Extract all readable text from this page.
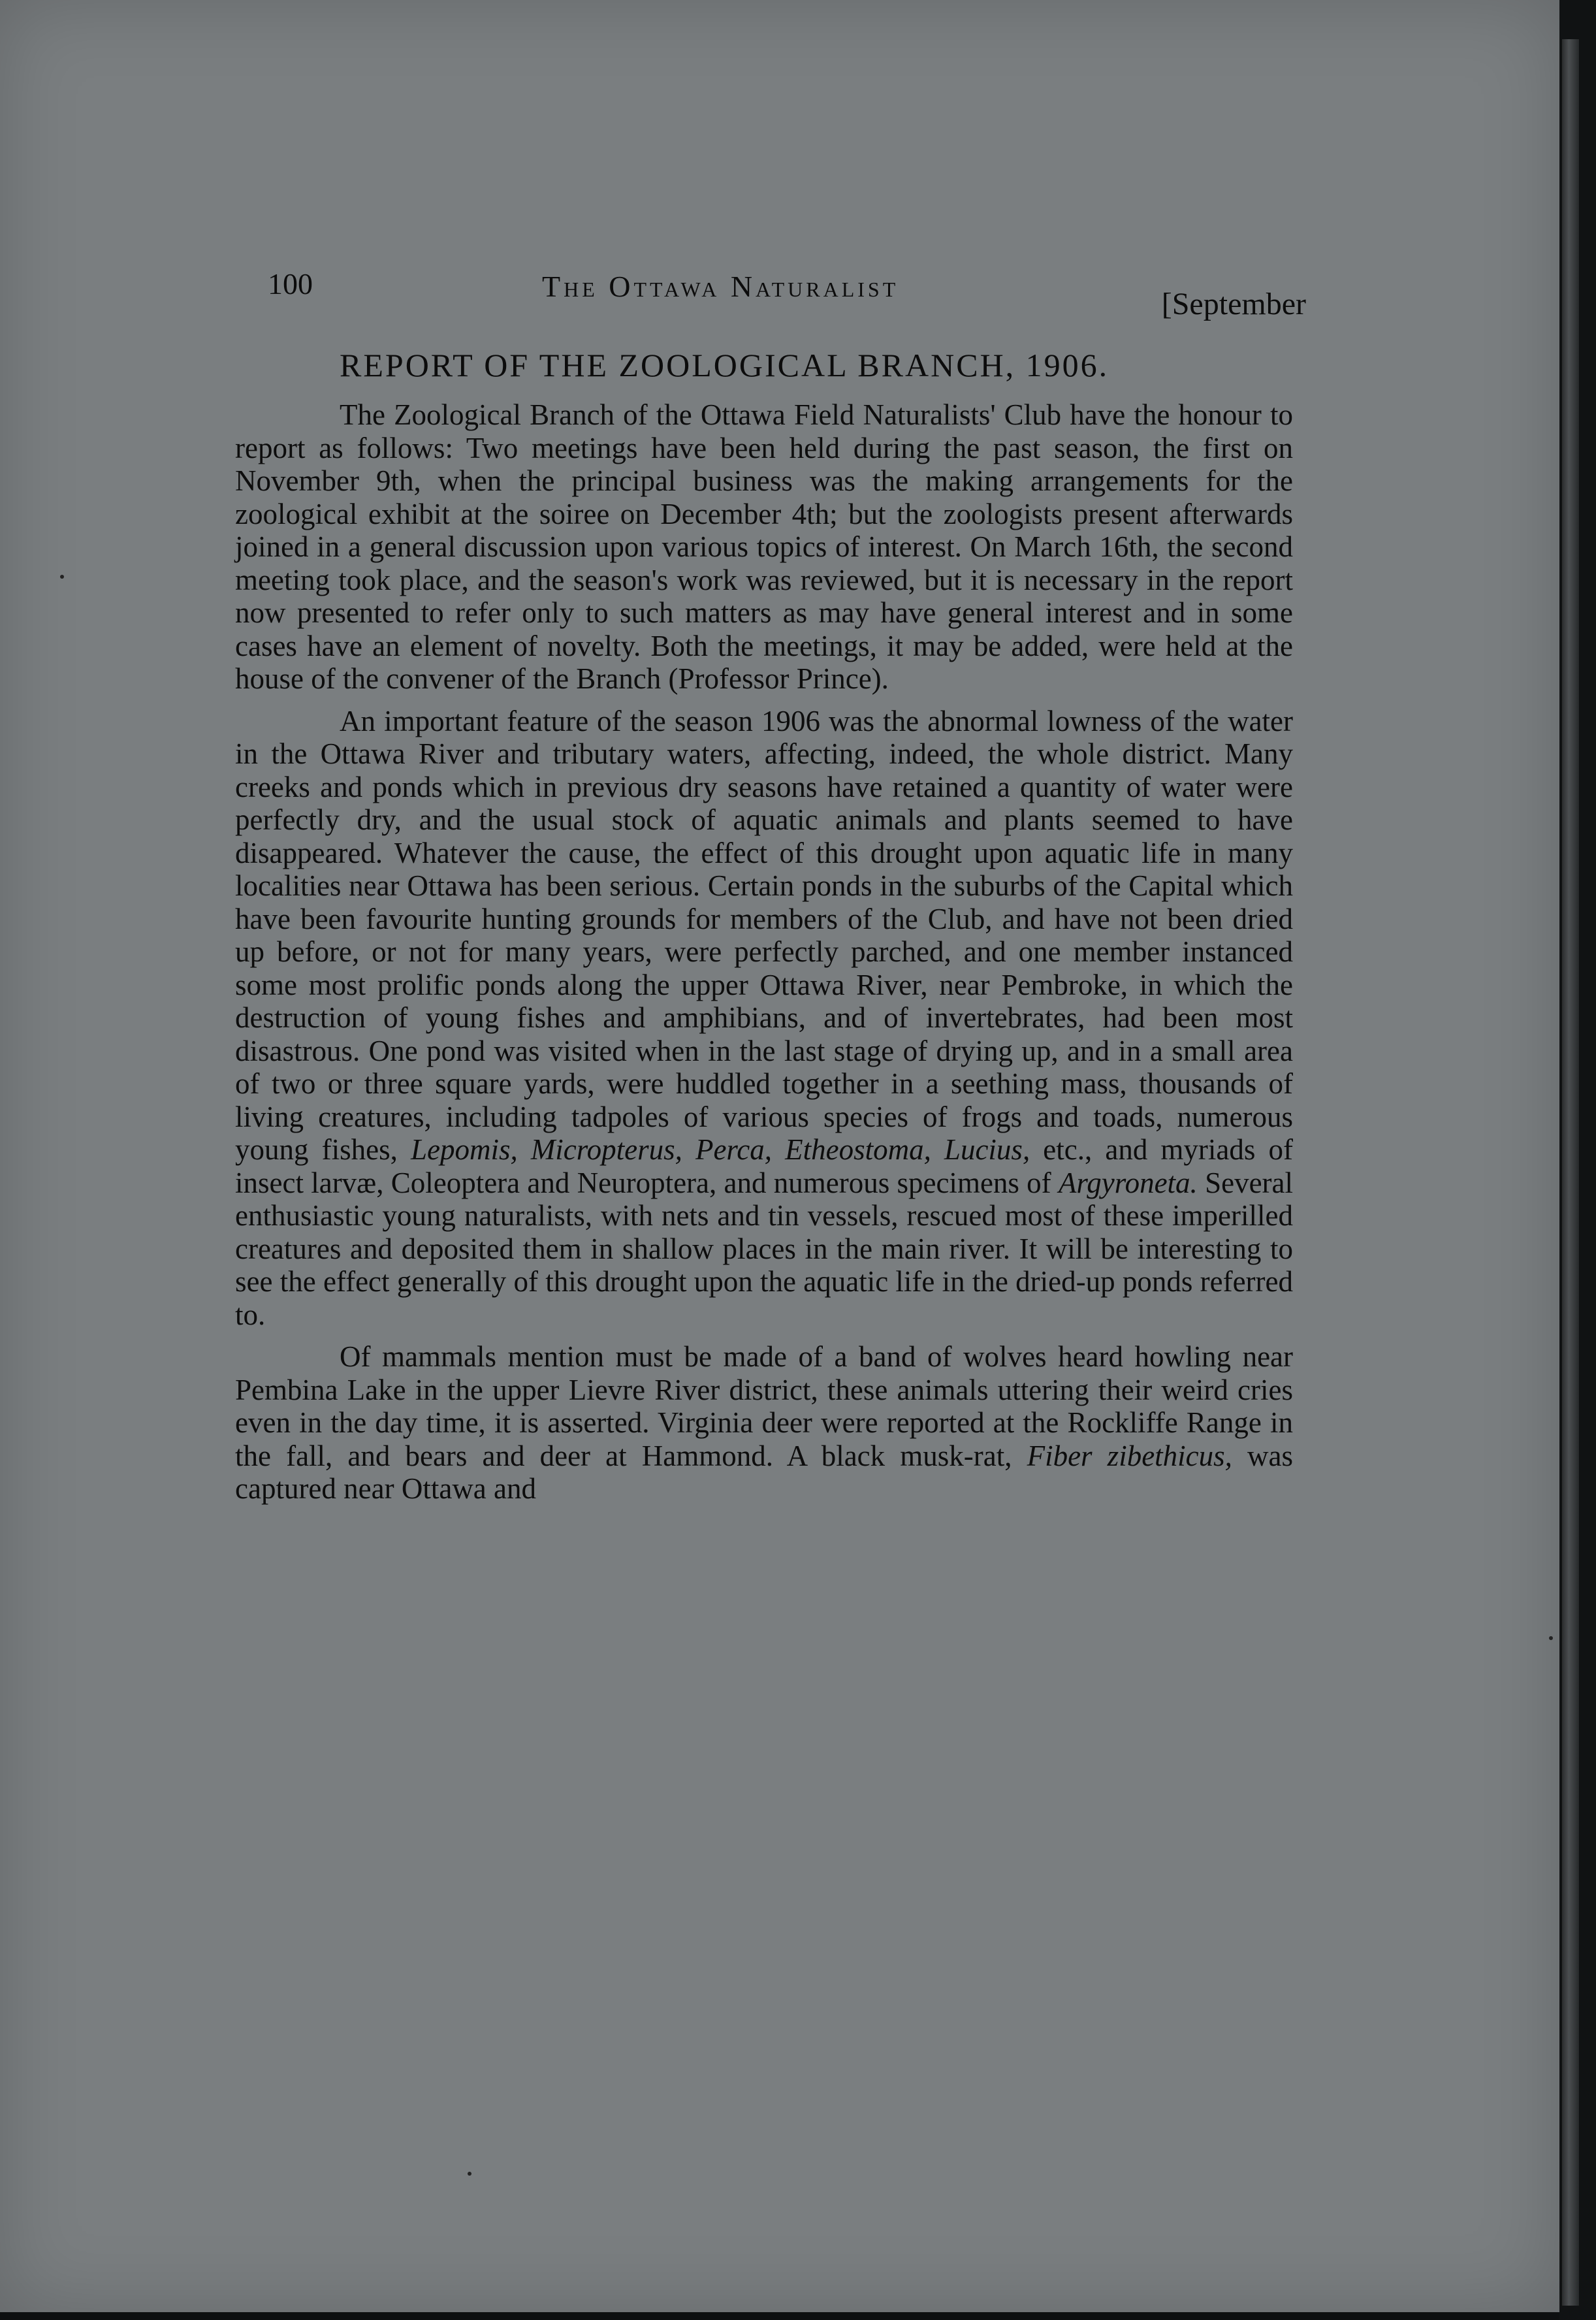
100	The Ottawa Naturalist
[September
REPORT OF THE ZOOLOGICAL BRANCH, 1906.

The Zoological Branch of the Ottawa Field Naturalists' Club have the honour to report as follows: Two meetings have been held during the past season, the first on November 9th, when the principal business was the making arrangements for the zoological exhibit at the soiree on December 4th; but the zoologists present afterwards joined in a general discussion upon various topics of interest. On March 16th, the second meeting took place, and the season's work was reviewed, but it is necessary in the report now presented to refer only to such matters as may have general interest and in some cases have an element of novelty. Both the meetings, it may be added, were held at the house of the convener of the Branch (Professor Prince).

An important feature of the season 1906 was the abnormal lowness of the water in the Ottawa River and tributary waters, affecting, indeed, the whole district. Many creeks and ponds which in previous dry seasons have retained a quantity of water were perfectly dry, and the usual stock of aquatic animals and plants seemed to have disappeared. Whatever the cause, the effect of this drought upon aquatic life in many localities near Ottawa has been serious. Certain ponds in the suburbs of the Capital which have been favourite hunting grounds for members of the Club, and have not been dried up before, or not for many years, were perfectly parched, and one member instanced some most prolific ponds along the upper Ottawa River, near Pembroke, in which the destruction of young fishes and amphibians, and of invertebrates, had been most disastrous. One pond was visited when in the last stage of drying up, and in a small area of two or three square yards, were huddled together in a seething mass, thousands of living creatures, including tadpoles of various species of frogs and toads, numerous young fishes, Lepomis, Micropterus, Perca, Etheostoma, Lucius, etc., and myriads of insect larvæ, Coleoptera and Neuroptera, and numerous specimens of Argyroneta. Several enthusiastic young naturalists, with nets and tin vessels, rescued most of these imperilled creatures and deposited them in shallow places in the main river. It will be interesting to see the effect generally of this drought upon the aquatic life in the dried-up ponds referred to.

Of mammals mention must be made of a band of wolves heard howling near Pembina Lake in the upper Lievre River district, these animals uttering their weird cries even in the day time, it is asserted. Virginia deer were reported at the Rockliffe Range in the fall, and bears and deer at Hammond. A black musk-rat, Fiber zibethicus, was captured near Ottawa and
